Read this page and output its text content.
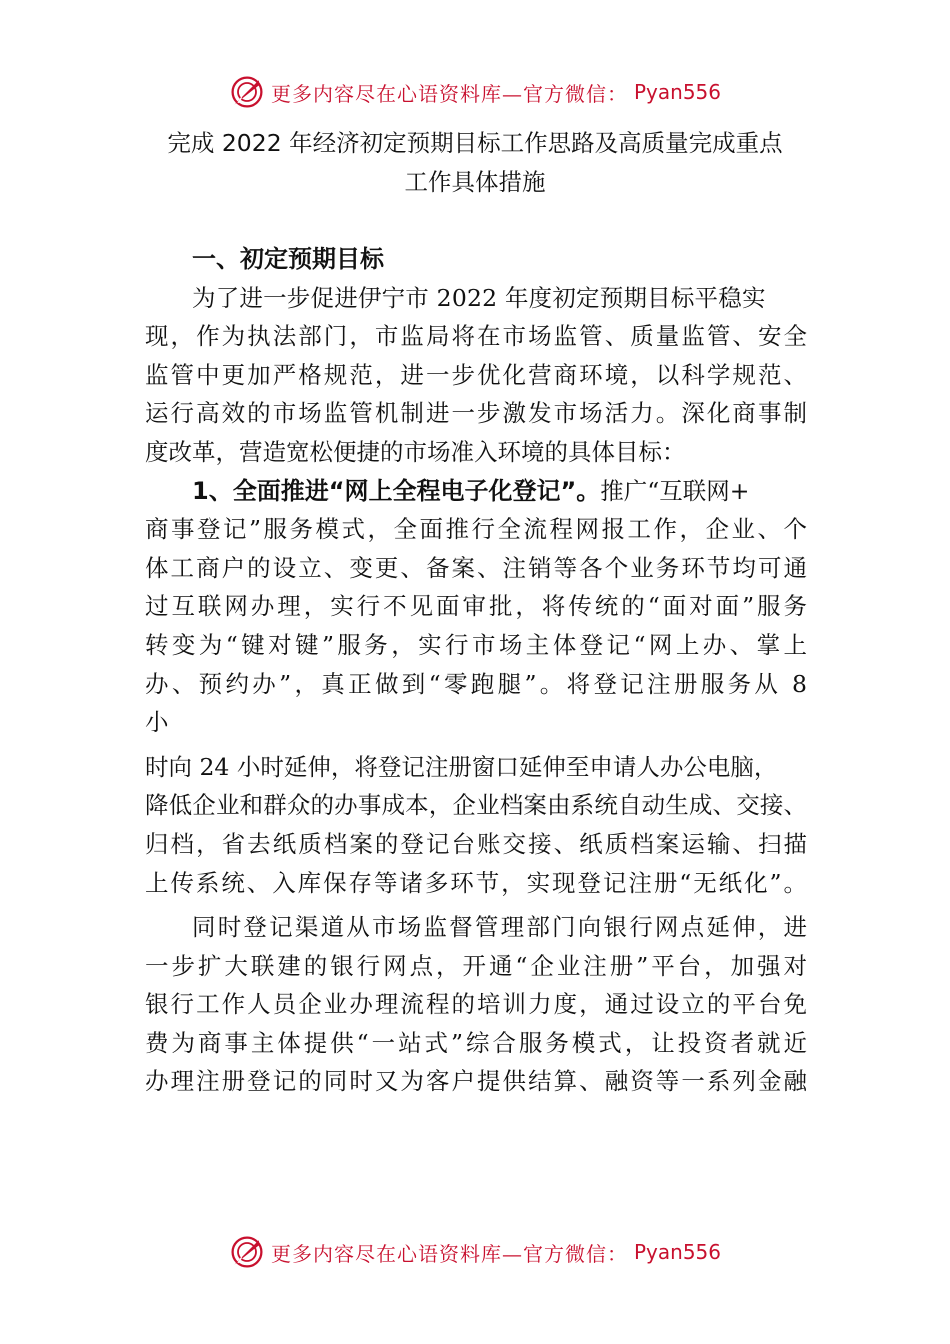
更多内容尽在心语资料库—官方微信： Pyan556
完成 2022 年经济初定预期目标工作思路及高质量完成重点
工作具体措施
一、初定预期目标
为了进一步促进伊宁市 2022 年度初定预期目标平稳实
现，作为执法部门，市监局将在市场监管、质量监管、安全
监管中更加严格规范，进一步优化营商环境，以科学规范、
运行高效的市场监管机制进一步激发市场活力。深化商事制
度改革，营造宽松便捷的市场准入环境的具体目标：
1、全面推进“网上全程电子化登记”。推广“互联网+
商事登记”服务模式，全面推行全流程网报工作，企业、个
体工商户的设立、变更、备案、注销等各个业务环节均可通
过互联网办理，实行不见面审批，将传统的“面对面”服务
转变为“键对键”服务，实行市场主体登记“网上办、掌上
办、预约办”，真正做到“零跑腿”。将登记注册服务从 8
小
时向 24 小时延伸，将登记注册窗口延伸至申请人办公电脑，
降低企业和群众的办事成本，企业档案由系统自动生成、交接、
归档，省去纸质档案的登记台账交接、纸质档案运输、扫描
上传系统、入库保存等诸多环节，实现登记注册“无纸化”。
同时登记渠道从市场监督管理部门向银行网点延伸，进
一步扩大联建的银行网点，开通“企业注册”平台，加强对
银行工作人员企业办理流程的培训力度，通过设立的平台免
费为商事主体提供“一站式”综合服务模式，让投资者就近
办理注册登记的同时又为客户提供结算、融资等一系列金融
更多内容尽在心语资料库—官方微信： Pyan556
